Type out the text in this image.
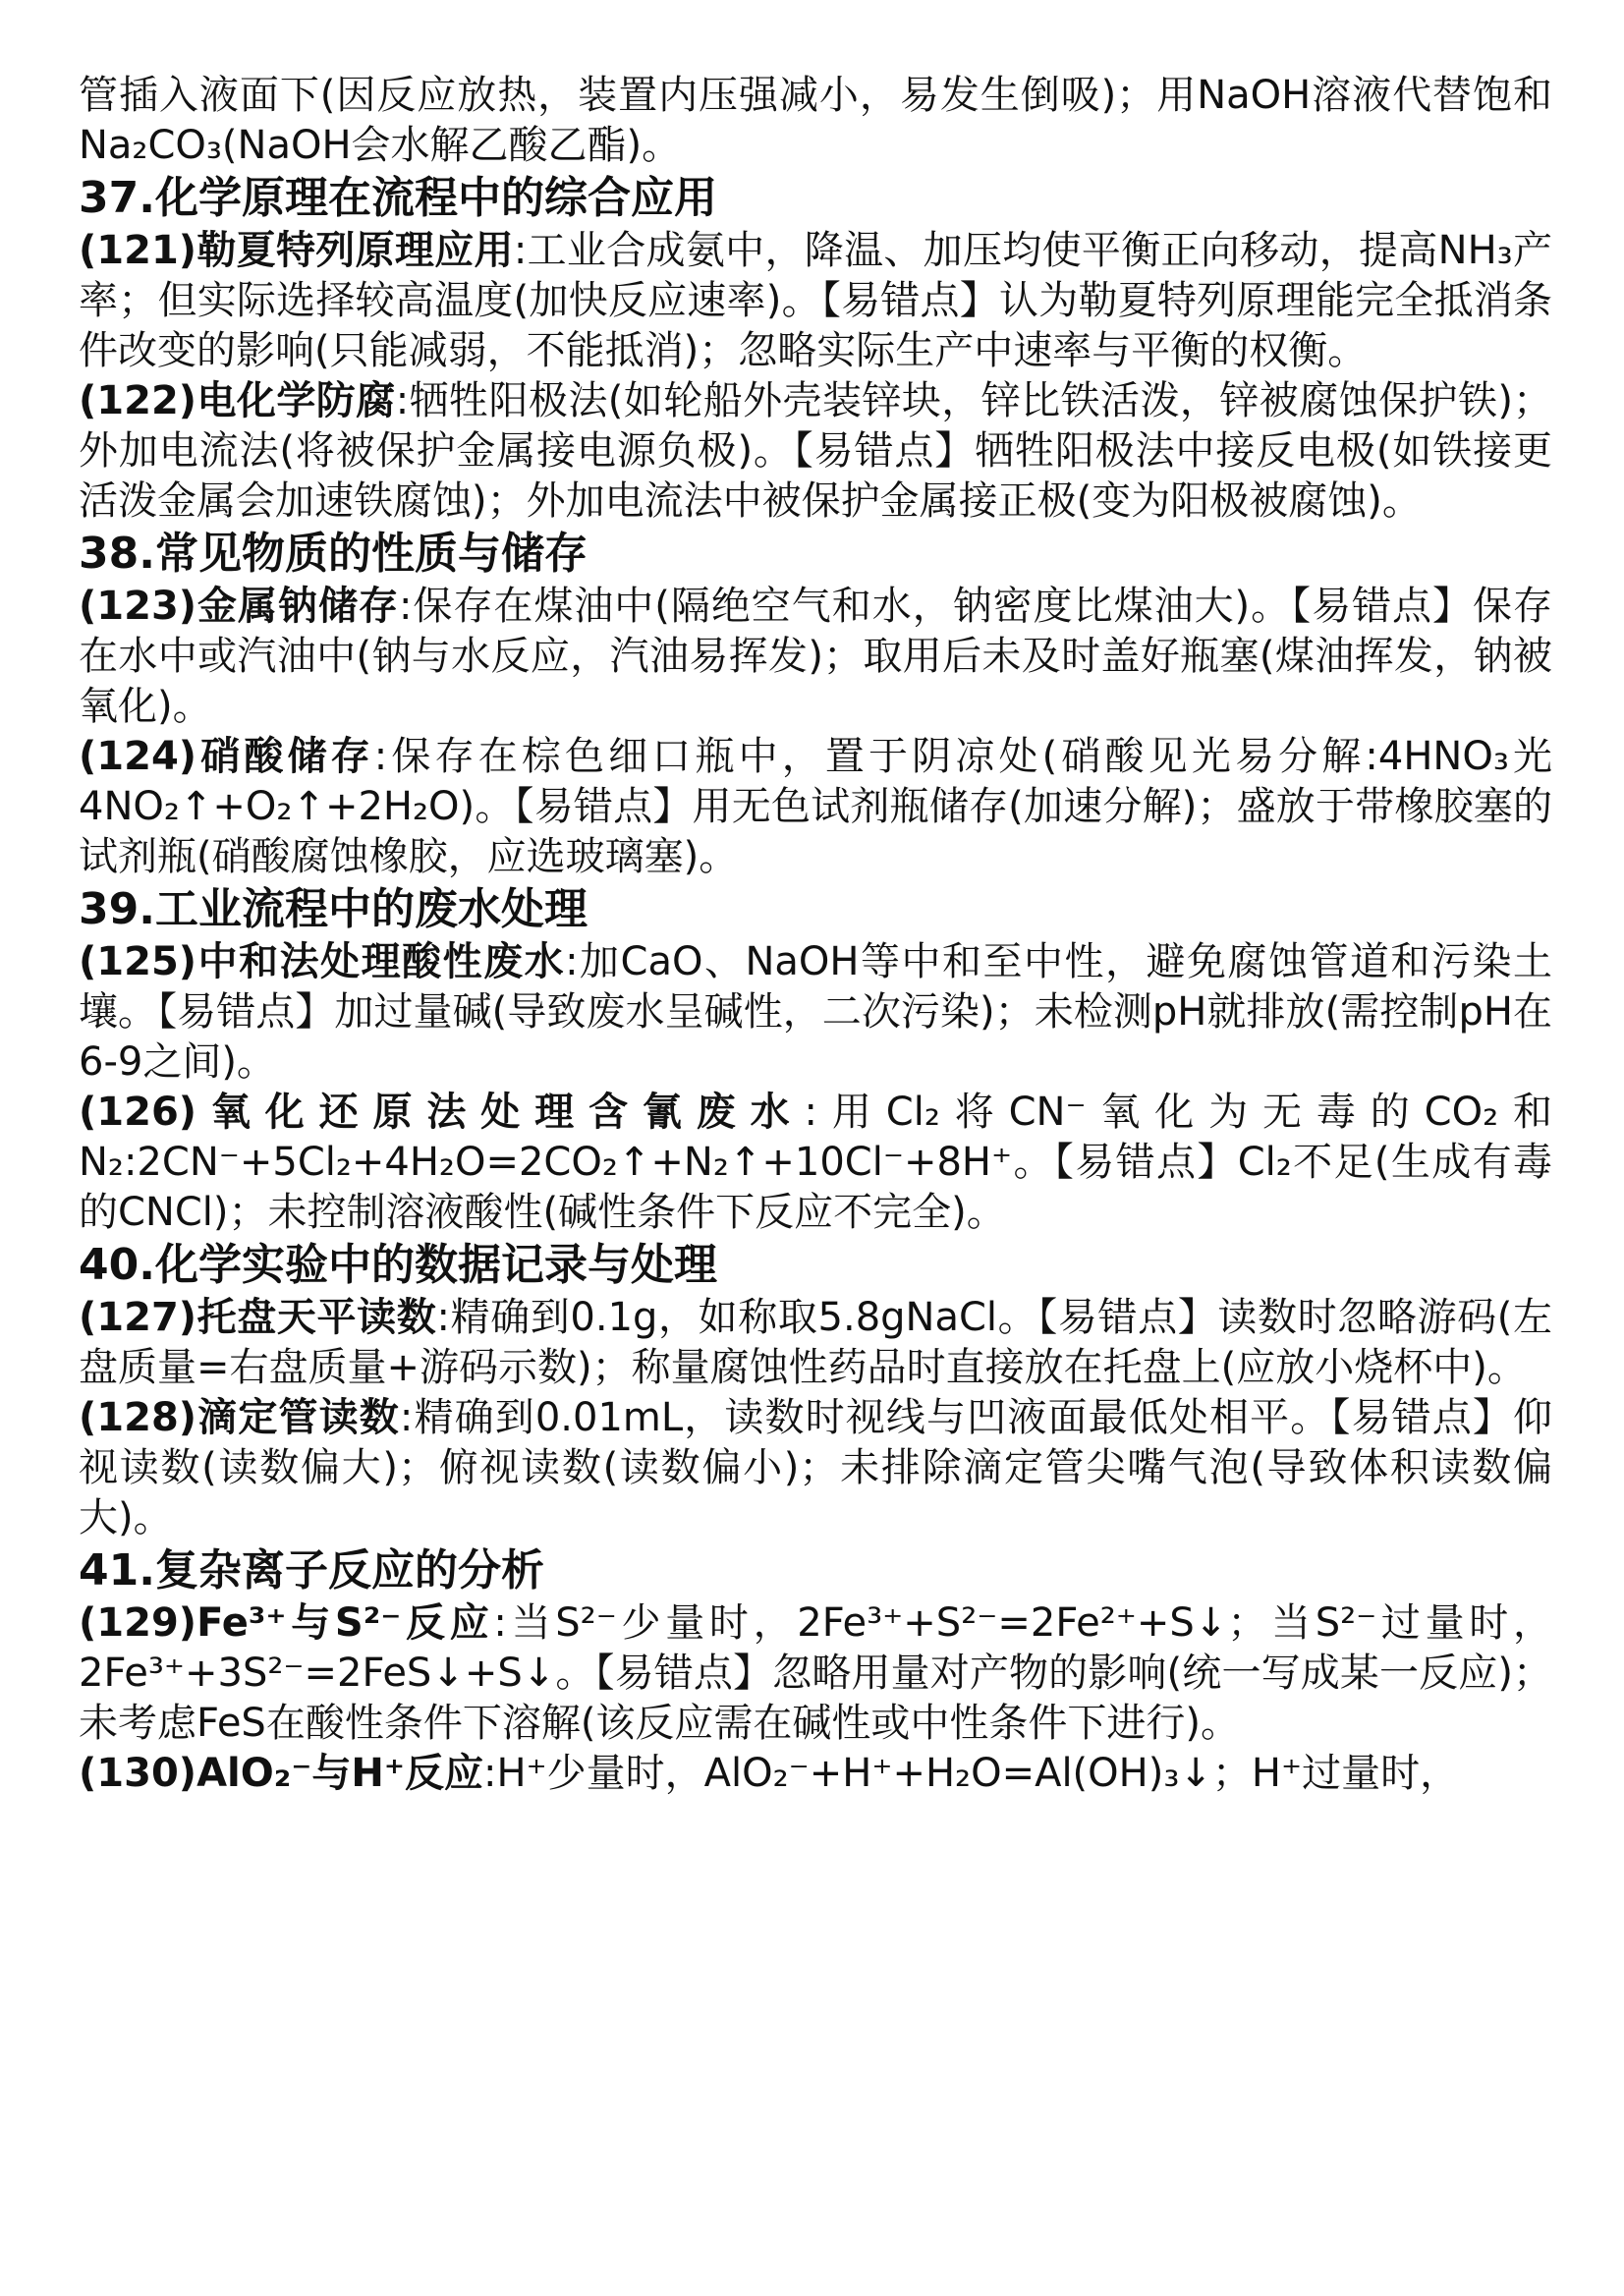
管插入液面下(因反应放热，装置内压强减小，易发生倒吸)；用NaOH溶液代替饱和Na₂CO₃(NaOH会水解乙酸乙酯)。

37.化学原理在流程中的综合应用

(121)勒夏特列原理应用:工业合成氨中，降温、加压均使平衡正向移动，提高NH₃产率；但实际选择较高温度(加快反应速率)。【易错点】认为勒夏特列原理能完全抵消条件改变的影响(只能减弱，不能抵消)；忽略实际生产中速率与平衡的权衡。

(122)电化学防腐:牺牲阳极法(如轮船外壳装锌块，锌比铁活泼，锌被腐蚀保护铁)；外加电流法(将被保护金属接电源负极)。【易错点】牺牲阳极法中接反电极(如铁接更活泼金属会加速铁腐蚀)；外加电流法中被保护金属接正极(变为阳极被腐蚀)。

38.常见物质的性质与储存

(123)金属钠储存:保存在煤油中(隔绝空气和水，钠密度比煤油大)。【易错点】保存在水中或汽油中(钠与水反应，汽油易挥发)；取用后未及时盖好瓶塞(煤油挥发，钠被氧化)。

(124)硝酸储存:保存在棕色细口瓶中，置于阴凉处(硝酸见光易分解:4HNO₃光4NO₂↑+O₂↑+2H₂O)。【易错点】用无色试剂瓶储存(加速分解)；盛放于带橡胶塞的试剂瓶(硝酸腐蚀橡胶，应选玻璃塞)。

39.工业流程中的废水处理

(125)中和法处理酸性废水:加CaO、NaOH等中和至中性，避免腐蚀管道和污染土壤。【易错点】加过量碱(导致废水呈碱性，二次污染)；未检测pH就排放(需控制pH在6-9之间)。

(126)氧化还原法处理含氰废水:用Cl₂将CN⁻氧化为无毒的CO₂和N₂:2CN⁻+5Cl₂+4H₂O=2CO₂↑+N₂↑+10Cl⁻+8H⁺。【易错点】Cl₂不足(生成有毒的CNCl)；未控制溶液酸性(碱性条件下反应不完全)。

40.化学实验中的数据记录与处理

(127)托盘天平读数:精确到0.1g，如称取5.8gNaCl。【易错点】读数时忽略游码(左盘质量=右盘质量+游码示数)；称量腐蚀性药品时直接放在托盘上(应放小烧杯中)。

(128)滴定管读数:精确到0.01mL，读数时视线与凹液面最低处相平。【易错点】仰视读数(读数偏大)；俯视读数(读数偏小)；未排除滴定管尖嘴气泡(导致体积读数偏大)。

41.复杂离子反应的分析

(129)Fe³⁺与S²⁻反应:当S²⁻少量时，2Fe³⁺+S²⁻=2Fe²⁺+S↓；当S²⁻过量时，2Fe³⁺+3S²⁻=2FeS↓+S↓。【易错点】忽略用量对产物的影响(统一写成某一反应)；未考虑FeS在酸性条件下溶解(该反应需在碱性或中性条件下进行)。

(130)AlO₂⁻与H⁺反应:H⁺少量时，AlO₂⁻+H⁺+H₂O=Al(OH)₃↓；H⁺过量时，
